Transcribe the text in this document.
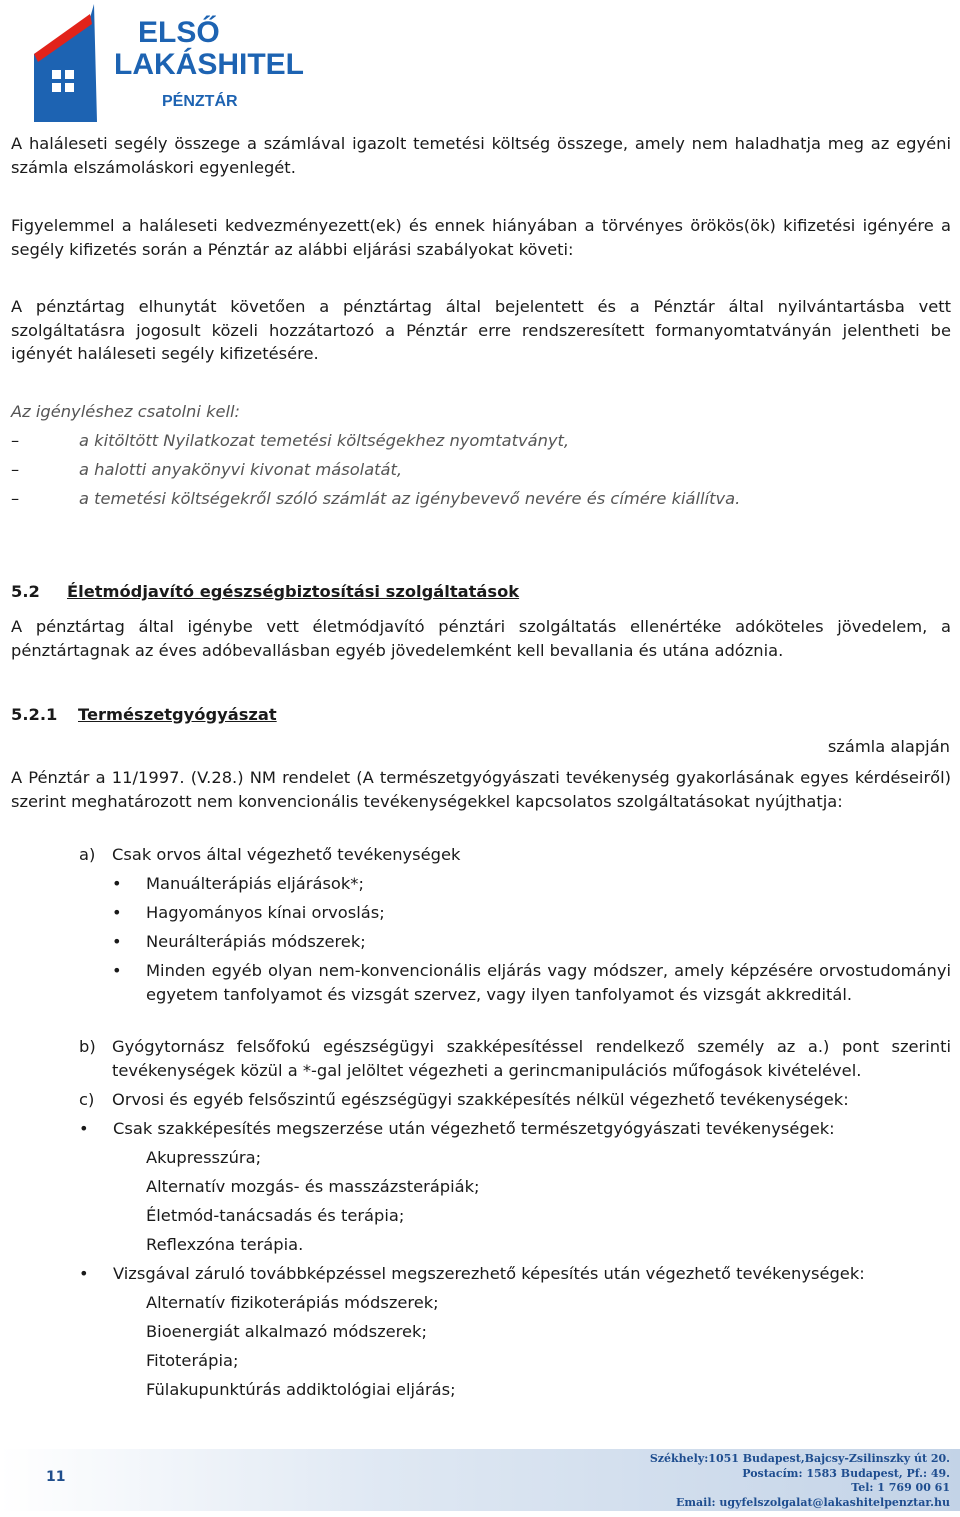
ELSŐ
LAKÁSHITEL
PÉNZTÁR

A haláleseti segély összege a számlával igazolt temetési költség összege, amely nem haladhatja meg az egyéni számla elszámoláskori egyenlegét.

Figyelemmel a haláleseti kedvezményezett(ek) és ennek hiányában a törvényes örökös(ök) kifizetési igényére a segély kifizetés során a Pénztár az alábbi eljárási szabályokat követi:

A pénztártag elhunytát követően a pénztártag által bejelentett és a Pénztár által nyilvántartásba vett szolgáltatásra jogosult közeli hozzátartozó a Pénztár erre rendszeresített formanyomtatványán jelentheti be igényét haláleseti segély kifizetésére.

Az igényléshez csatolni kell:

–	a kitöltött Nyilatkozat temetési költségekhez nyomtatványt,
–	a halotti anyakönyvi kivonat másolatát,
–	a temetési költségekről szóló számlát az igénybevevő nevére és címére kiállítva.
5.2 Életmódjavító egészségbiztosítási szolgáltatások

A pénztártag által igénybe vett életmódjavító pénztári szolgáltatás ellenértéke adóköteles jövedelem, a pénztártagnak az éves adóbevallásban egyéb jövedelemként kell bevallania és utána adóznia.

5.2.1 Természetgyógyászat
számla alapján

A Pénztár a 11/1997. (V.28.) NM rendelet (A természetgyógyászati tevékenység gyakorlásának egyes kérdéseiről) szerint meghatározott nem konvencionális tevékenységekkel kapcsolatos szolgáltatásokat nyújthatja:

a) Csak orvos által végezhető tevékenységek
• Manuálterápiás eljárások*;
• Hagyományos kínai orvoslás;
• Neurálterápiás módszerek;
• Minden egyéb olyan nem-konvencionális eljárás vagy módszer, amely képzésére orvostudományi egyetem tanfolyamot és vizsgát szervez, vagy ilyen tanfolyamot és vizsgát akkreditál.
b) Gyógytornász felsőfokú egészségügyi szakképesítéssel rendelkező személy az a.) pont szerinti tevékenységek közül a *-gal jelöltet végezheti a gerincmanipulációs műfogások kivételével.
c) Orvosi és egyéb felsőszintű egészségügyi szakképesítés nélkül végezhető tevékenységek:
• Csak szakképesítés megszerzése után végezhető természetgyógyászati tevékenységek:
Akupresszúra;
Alternatív mozgás- és masszázsterápiák;
Életmód-tanácsadás és terápia;
Reflexzóna terápia.
• Vizsgával záruló továbbképzéssel megszerezhető képesítés után végezhető tevékenységek:
Alternatív fizikoterápiás módszerek;
Bioenergiát alkalmazó módszerek;
Fitoterápia;
Fülakupunktúrás addiktológiai eljárás;
11
Székhely:1051 Budapest,Bajcsy-Zsilinszky út 20.
Postacím: 1583 Budapest, Pf.: 49.
Tel: 1 769 00 61
Email: ugyfelszolgalat@lakashitelpenztar.hu
